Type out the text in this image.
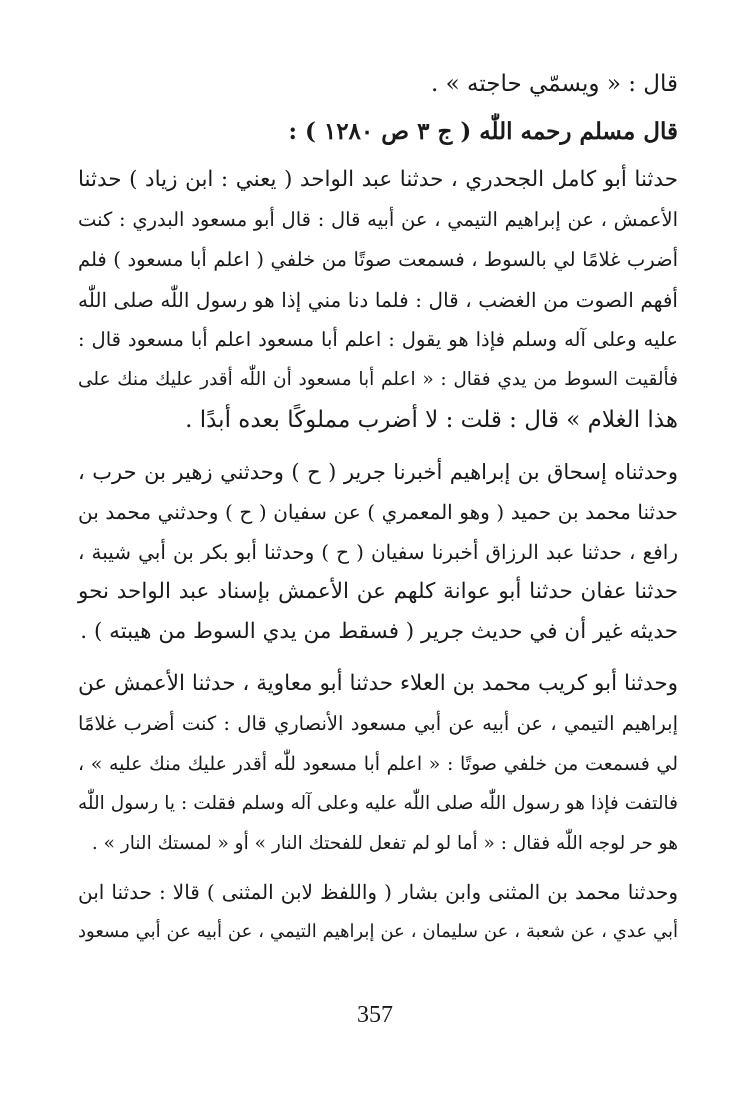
قال : « ويسمّي حاجته » .
قال مسلم رحمه اللّٰه ( ج ٣ ص ١٢٨٠ ) :
حدثنا أبو كامل الجحدري ، حدثنا عبد الواحد ( يعني : ابن زياد ) حدثنا
الأعمش ، عن إبراهيم التيمي ، عن أبيه قال : قال أبو مسعود البدري : كنت
أضرب غلامًا لي بالسوط ، فسمعت صوتًا من خلفي ( اعلم أبا مسعود ) فلم
أفهم الصوت من الغضب ، قال : فلما دنا مني إذا هو رسول اللّٰه صلى اللّٰه
عليه وعلى آله وسلم فإذا هو يقول : اعلم أبا مسعود اعلم أبا مسعود قال :
فألقيت السوط من يدي فقال : « اعلم أبا مسعود أن اللّٰه أقدر عليك منك على
هذا الغلام » قال : قلت : لا أضرب مملوكًا بعده أبدًا .
وحدثناه إسحاق بن إبراهيم أخبرنا جرير ( ح ) وحدثني زهير بن حرب ،
حدثنا محمد بن حميد ( وهو المعمري ) عن سفيان ( ح ) وحدثني محمد بن
رافع ، حدثنا عبد الرزاق أخبرنا سفيان ( ح ) وحدثنا أبو بكر بن أبي شيبة ،
حدثنا عفان حدثنا أبو عوانة كلهم عن الأعمش بإسناد عبد الواحد نحو
حديثه غير أن في حديث جرير ( فسقط من يدي السوط من هيبته ) .
وحدثنا أبو كريب محمد بن العلاء حدثنا أبو معاوية ، حدثنا الأعمش عن
إبراهيم التيمي ، عن أبيه عن أبي مسعود الأنصاري قال : كنت أضرب غلامًا
لي فسمعت من خلفي صوتًا : « اعلم أبا مسعود للّٰه أقدر عليك منك عليه » ،
فالتفت فإذا هو رسول اللّٰه صلى اللّٰه عليه وعلى آله وسلم فقلت : يا رسول اللّٰه
هو حر لوجه اللّٰه فقال : « أما لو لم تفعل للفحتك النار » أو « لمستك النار » .
وحدثنا محمد بن المثنى وابن بشار ( واللفظ لابن المثنى ) قالا : حدثنا ابن
أبي عدي ، عن شعبة ، عن سليمان ، عن إبراهيم التيمي ، عن أبيه عن أبي مسعود
357
